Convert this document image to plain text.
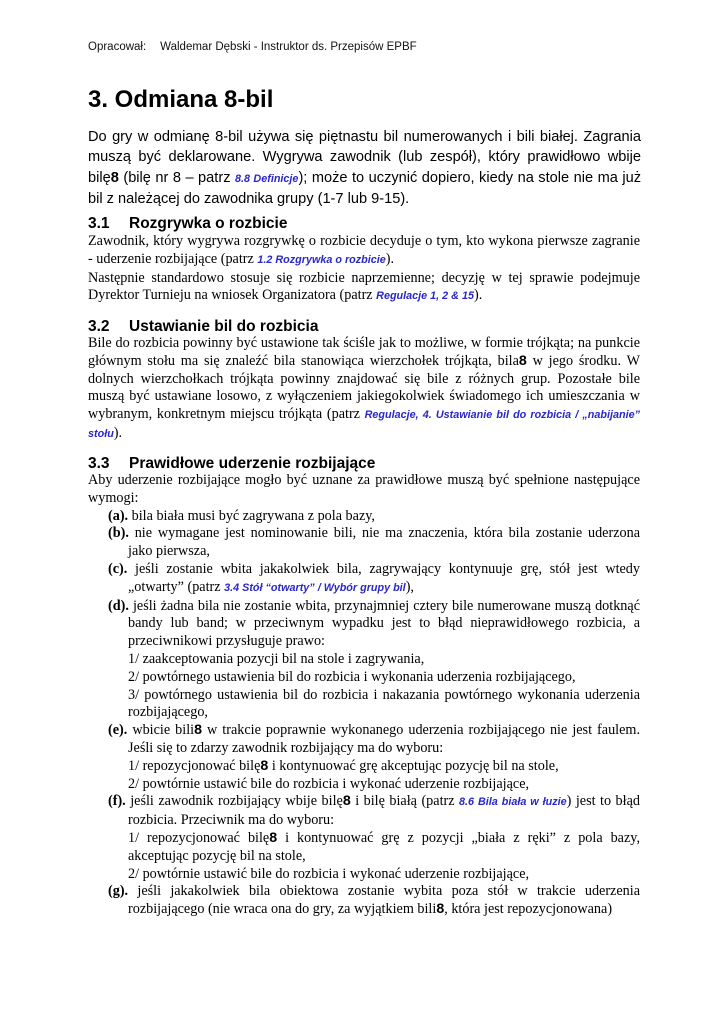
Opracował: Waldemar Dębski - Instruktor ds. Przepisów EPBF
3. Odmiana 8-bil

Do gry w odmianę 8-bil używa się piętnastu bil numerowanych i bili białej. Zagrania muszą być deklarowane. Wygrywa zawodnik (lub zespół), który prawidłowo wbije bilę8 (bilę nr 8 – patrz 8.8 Definicje); może to uczynić dopiero, kiedy na stole nie ma już bil z należącej do zawodnika grupy (1-7 lub 9-15).

3.1 Rozgrywka o rozbicie

Zawodnik, który wygrywa rozgrywkę o rozbicie decyduje o tym, kto wykona pierwsze zagranie - uderzenie rozbijające (patrz 1.2 Rozgrywka o rozbicie).

Następnie standardowo stosuje się rozbicie naprzemienne; decyzję w tej sprawie podejmuje Dyrektor Turnieju na wniosek Organizatora (patrz Regulacje 1, 2 & 15).

3.2 Ustawianie bil do rozbicia

Bile do rozbicia powinny być ustawione tak ściśle jak to możliwe, w formie trójkąta; na punkcie głównym stołu ma się znaleźć bila stanowiąca wierzchołek trójkąta, bila8 w jego środku. W dolnych wierzchołkach trójkąta powinny znajdować się bile z różnych grup. Pozostałe bile muszą być ustawiane losowo, z wyłączeniem jakiegokolwiek świadomego ich umieszczania w wybranym, konkretnym miejscu trójkąta (patrz Regulacje, 4. Ustawianie bil do rozbicia / „nabijanie” stołu).

3.3 Prawidłowe uderzenie rozbijające

Aby uderzenie rozbijające mogło być uznane za prawidłowe muszą być spełnione następujące wymogi:

(a). bila biała musi być zagrywana z pola bazy,
(b). nie wymagane jest nominowanie bili, nie ma znaczenia, która bila zostanie uderzona jako pierwsza,
(c). jeśli zostanie wbita jakakolwiek bila, zagrywający kontynuuje grę, stół jest wtedy „otwarty” (patrz 3.4 Stół “otwarty” / Wybór grupy bil),
(d). jeśli żadna bila nie zostanie wbita, przynajmniej cztery bile numerowane muszą dotknąć bandy lub band; w przeciwnym wypadku jest to błąd nieprawidłowego rozbicia, a przeciwnikowi przysługuje prawo:
1/ zaakceptowania pozycji bil na stole i zagrywania,
2/ powtórnego ustawienia bil do rozbicia i wykonania uderzenia rozbijającego,
3/ powtórnego ustawienia bil do rozbicia i nakazania powtórnego wykonania uderzenia rozbijającego,
(e). wbicie bili8 w trakcie poprawnie wykonanego uderzenia rozbijającego nie jest faulem. Jeśli się to zdarzy zawodnik rozbijający ma do wyboru:
1/ repozycjonować bilę8 i kontynuować grę akceptując pozycję bil na stole,
2/ powtórnie ustawić bile do rozbicia i wykonać uderzenie rozbijające,
(f). jeśli zawodnik rozbijający wbije bilę8 i bilę białą (patrz 8.6 Bila biała w łuzie) jest to błąd rozbicia. Przeciwnik ma do wyboru:
1/ repozycjonować bilę8 i kontynuować grę z pozycji „biała z ręki” z pola bazy, akceptując pozycję bil na stole,
2/ powtórnie ustawić bile do rozbicia i wykonać uderzenie rozbijające,
(g). jeśli jakakolwiek bila obiektowa zostanie wybita poza stół w trakcie uderzenia rozbijającego (nie wraca ona do gry, za wyjątkiem bili8, która jest repozycjonowana)
